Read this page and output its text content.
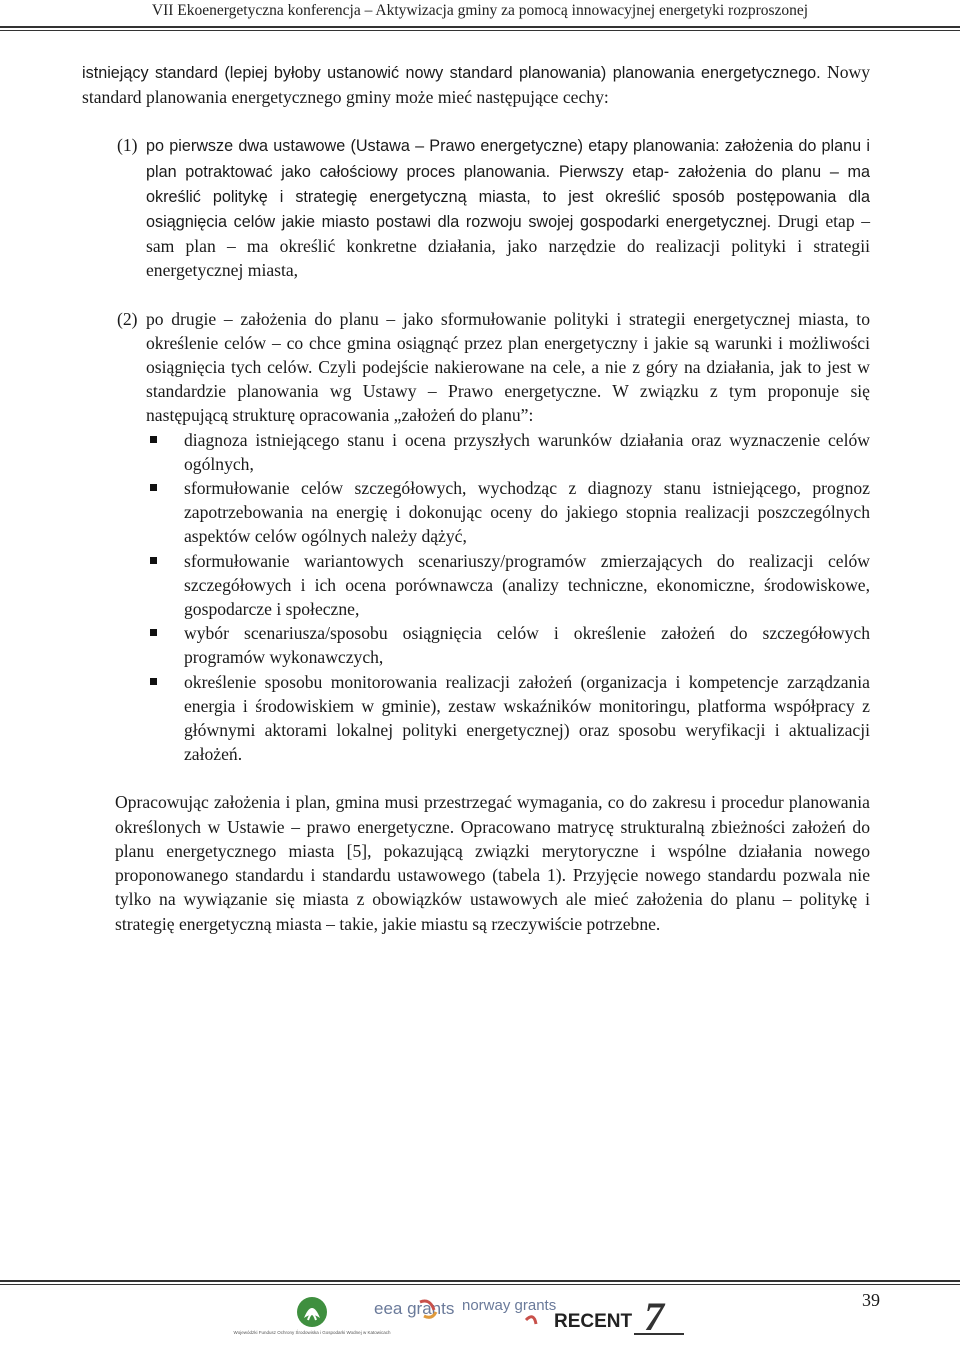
VII Ekoenergetyczna konferencja – Aktywizacja gminy za pomocą innowacyjnej energetyki rozproszonej

istniejący standard (lepiej byłoby ustanowić nowy standard planowania) planowania energetycznego. Nowy standard planowania energetycznego gminy może mieć następujące cechy:

(1) po pierwsze dwa ustawowe (Ustawa – Prawo energetyczne) etapy planowania: założenia do planu i plan potraktować jako całościowy proces planowania. Pierwszy etap- założenia do planu – ma określić politykę i strategię energetyczną miasta, to jest określić sposób postępowania dla osiągnięcia celów jakie miasto postawi dla rozwoju swojej gospodarki energetycznej. Drugi etap – sam plan – ma określić konkretne działania, jako narzędzie do realizacji polityki i strategii energetycznej miasta,

(2) po drugie – założenia do planu – jako sformułowanie polityki i strategii energetycznej miasta, to określenie celów – co chce gmina osiągnąć przez plan energetyczny i jakie są warunki i możliwości osiągnięcia tych celów. Czyli podejście nakierowane na cele, a nie z góry na działania, jak to jest w standardzie planowania wg Ustawy – Prawo energetyczne. W związku z tym proponuje się następującą strukturę opracowania „założeń do planu”:

diagnoza istniejącego stanu i ocena przyszłych warunków działania oraz wyznaczenie celów ogólnych,
sformułowanie celów szczegółowych, wychodząc z diagnozy stanu istniejącego, prognoz zapotrzebowania na energię i dokonując oceny do jakiego stopnia realizacji poszczególnych aspektów celów ogólnych należy dążyć,
sformułowanie wariantowych scenariuszy/programów zmierzających do realizacji celów szczegółowych i ich ocena porównawcza (analizy techniczne, ekonomiczne, środowiskowe, gospodarcze i społeczne,
wybór scenariusza/sposobu osiągnięcia celów i określenie założeń do szczegółowych programów wykonawczych,
określenie sposobu monitorowania realizacji założeń (organizacja i kompetencje zarządzania energia i środowiskiem w gminie), zestaw wskaźników monitoringu, platforma współpracy z głównymi aktorami lokalnej polityki energetycznej) oraz sposobu weryfikacji i aktualizacji założeń.

Opracowując założenia i plan, gmina musi przestrzegać wymagania, co do zakresu i procedur planowania określonych w Ustawie – prawo energetyczne. Opracowano matrycę strukturalną zbieżności założeń do planu energetycznego miasta [5], pokazującą związki merytoryczne i wspólne działania nowego proponowanego standardu i standardu ustawowego (tabela 1). Przyjęcie nowego standardu pozwala nie tylko na wywiązanie się miasta z obowiązków ustawowych ale mieć założenia do planu – politykę i strategię energetyczną miasta – takie, jakie miastu są rzeczywiście potrzebne.

39
Wojewódzki Fundusz Ochrony Środowiska i Gospodarki Wodnej w Katowicach
eea grants norway grants
RECENT 7
